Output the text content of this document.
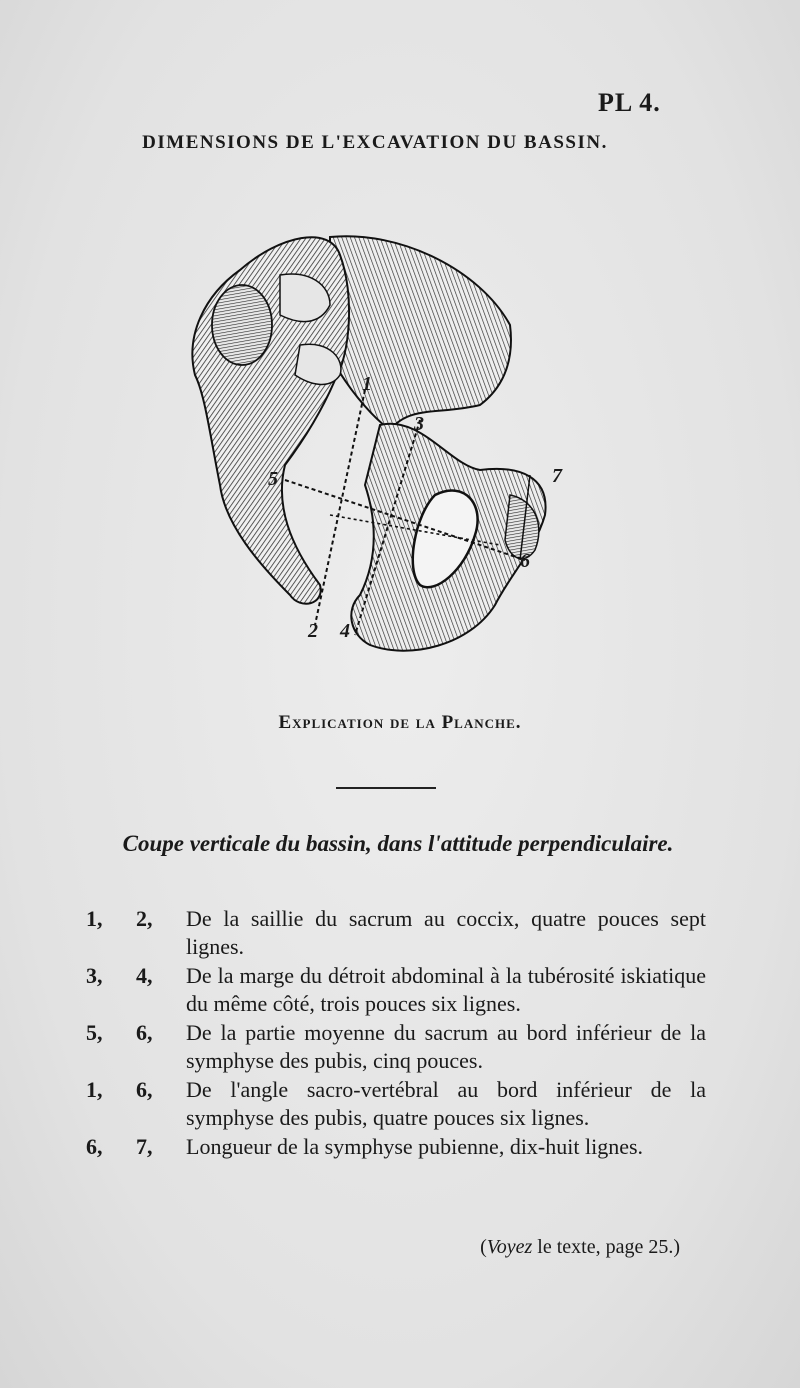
PL 4.
DIMENSIONS DE L'EXCAVATION DU BASSIN.
1
2
3
4
5
6
7
Explication de la Planche.
Coupe verticale du bassin, dans l'attitude perpendiculaire.
1,	2,	De la saillie du sacrum au coccix, quatre pouces sept lignes.
3,	4,	De la marge du détroit abdominal à la tubérosité iskiatique du même côté, trois pouces six lignes.
5,	6,	De la partie moyenne du sacrum au bord inférieur de la symphyse des pubis, cinq pouces.
1,	6,	De l'angle sacro-vertébral au bord inférieur de la symphyse des pubis, quatre pouces six lignes.
6,	7,	Longueur de la symphyse pubienne, dix-huit lignes.
(Voyez le texte, page 25.)
